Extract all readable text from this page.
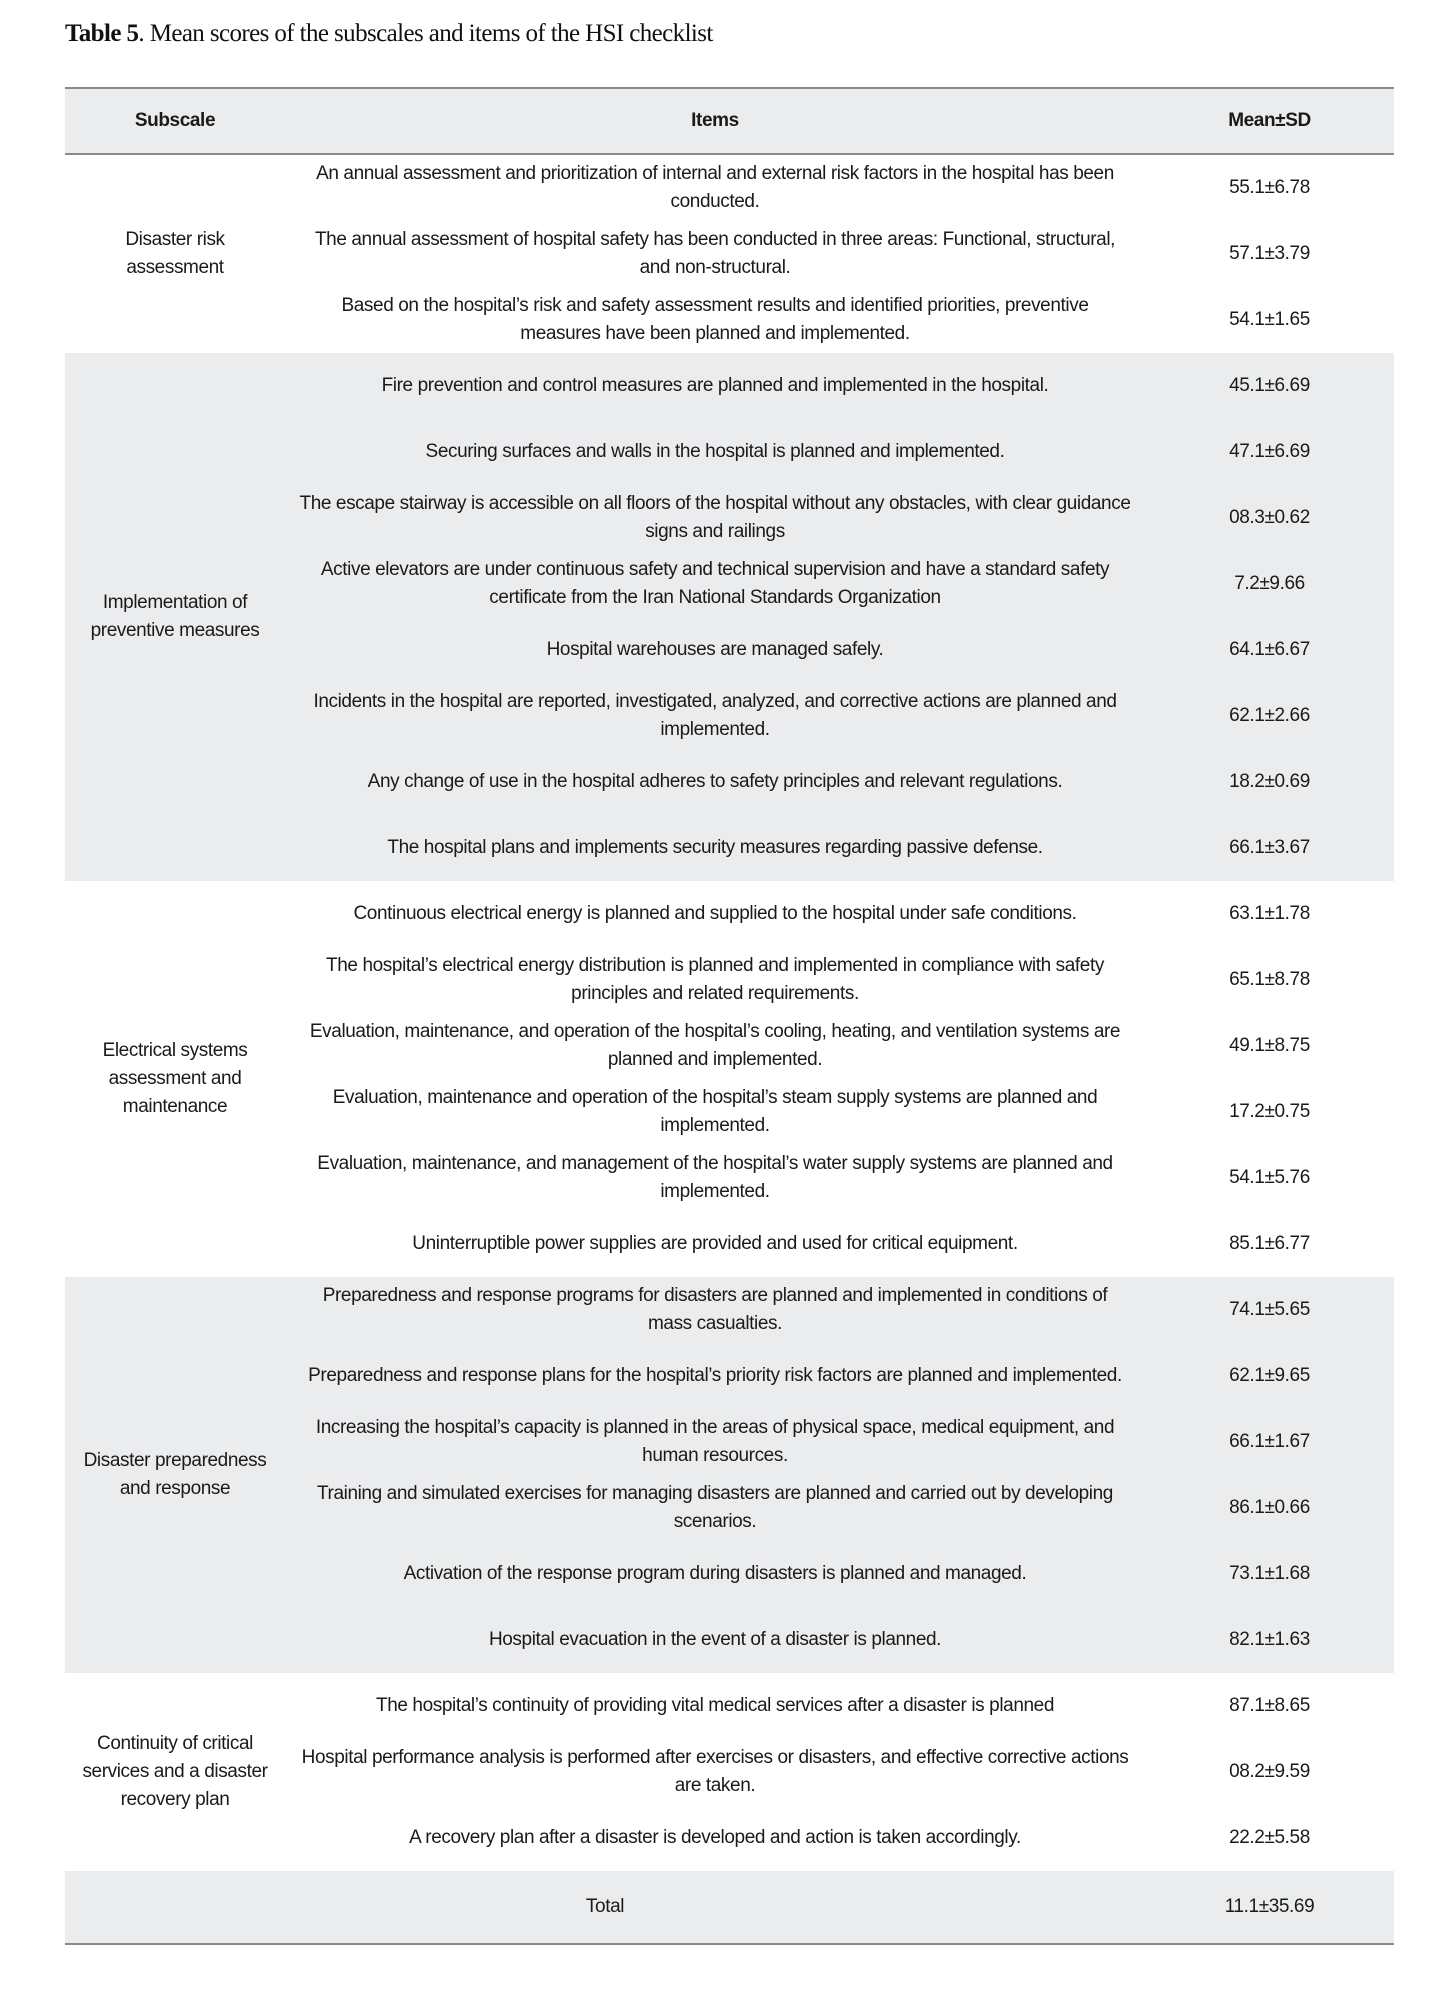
Table 5. Mean scores of the subscales and items of the HSI checklist
Subscale	Items	Mean±SD
Disaster risk assessment	An annual assessment and prioritization of internal and external risk factors in the hospital has been conducted.	55.1±6.78
	The annual assessment of hospital safety has been conducted in three areas: Functional, structural, and non-structural.	57.1±3.79
	Based on the hospital’s risk and safety assessment results and identified priorities, preventive measures have been planned and implemented.	54.1±1.65
Implementation of preventive measures	Fire prevention and control measures are planned and implemented in the hospital.	45.1±6.69
	Securing surfaces and walls in the hospital is planned and implemented.	47.1±6.69
	The escape stairway is accessible on all floors of the hospital without any obstacles, with clear guidance signs and railings	08.3±0.62
	Active elevators are under continuous safety and technical supervision and have a standard safety certificate from the Iran National Standards Organization	7.2±9.66
	Hospital warehouses are managed safely.	64.1±6.67
	Incidents in the hospital are reported, investigated, analyzed, and corrective actions are planned and implemented.	62.1±2.66
	Any change of use in the hospital adheres to safety principles and relevant regulations.	18.2±0.69
	The hospital plans and implements security measures regarding passive defense.	66.1±3.67
Electrical systems assessment and maintenance	Continuous electrical energy is planned and supplied to the hospital under safe conditions.	63.1±1.78
	The hospital’s electrical energy distribution is planned and implemented in compliance with safety principles and related requirements.	65.1±8.78
	Evaluation, maintenance, and operation of the hospital’s cooling, heating, and ventilation systems are planned and implemented.	49.1±8.75
	Evaluation, maintenance and operation of the hospital’s steam supply systems are planned and implemented.	17.2±0.75
	Evaluation, maintenance, and management of the hospital’s water supply systems are planned and implemented.	54.1±5.76
	Uninterruptible power supplies are provided and used for critical equipment.	85.1±6.77
Disaster preparedness and response	Preparedness and response programs for disasters are planned and implemented in conditions of mass casualties.	74.1±5.65
	Preparedness and response plans for the hospital’s priority risk factors are planned and implemented.	62.1±9.65
	Increasing the hospital’s capacity is planned in the areas of physical space, medical equipment, and human resources.	66.1±1.67
	Training and simulated exercises for managing disasters are planned and carried out by developing scenarios.	86.1±0.66
	Activation of the response program during disasters is planned and managed.	73.1±1.68
	Hospital evacuation in the event of a disaster is planned.	82.1±1.63
Continuity of critical services and a disaster recovery plan	The hospital’s continuity of providing vital medical services after a disaster is planned	87.1±8.65
	Hospital performance analysis is performed after exercises or disasters, and effective corrective actions are taken.	08.2±9.59
	A recovery plan after a disaster is developed and action is taken accordingly.	22.2±5.58
Total		11.1±35.69
